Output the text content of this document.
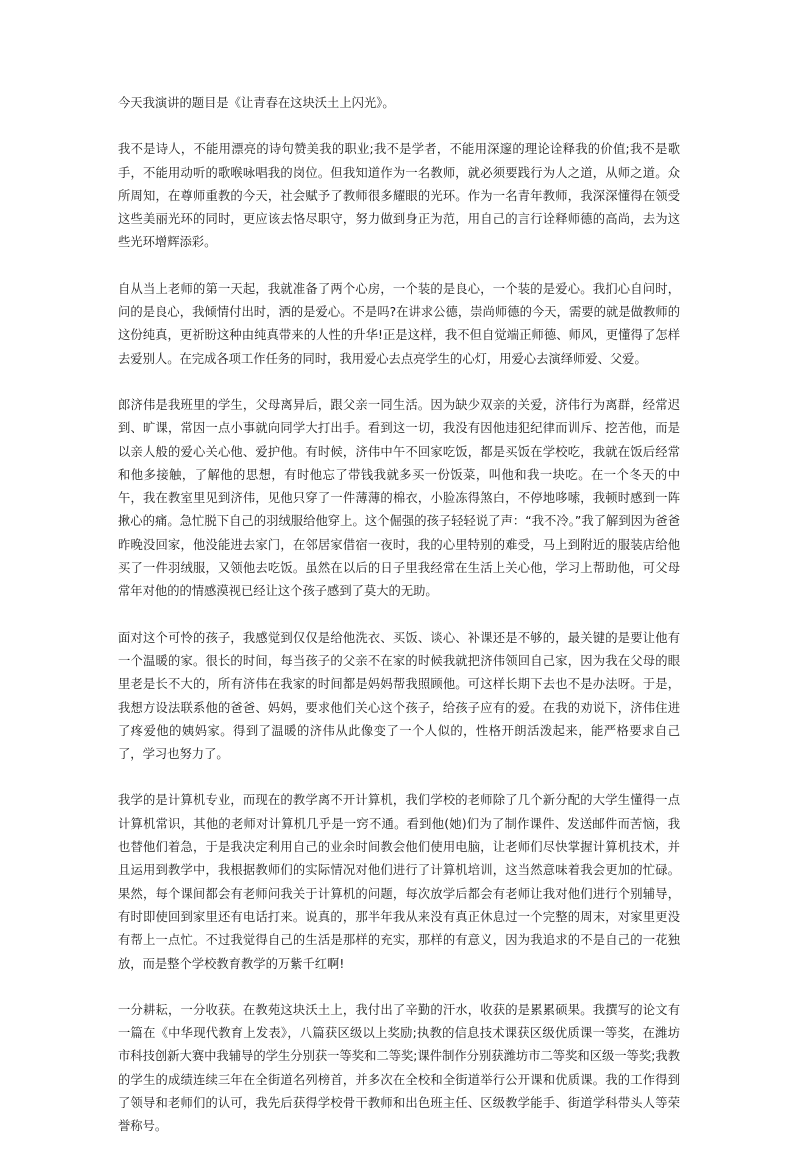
今天我演讲的题目是《让青春在这块沃土上闪光》。

我不是诗人，不能用漂亮的诗句赞美我的职业;我不是学者，不能用深邃的理论诠释我的价值;我不是歌手，不能用动听的歌喉咏唱我的岗位。但我知道作为一名教师，就必须要践行为人之道，从师之道。众所周知，在尊师重教的今天，社会赋予了教师很多耀眼的光环。作为一名青年教师，我深深懂得在领受这些美丽光环的同时，更应该去恪尽职守，努力做到身正为范，用自己的言行诠释师德的高尚，去为这些光环增辉添彩。

自从当上老师的第一天起，我就准备了两个心房，一个装的是良心，一个装的是爱心。我扪心自问时，问的是良心，我倾情付出时，洒的是爱心。不是吗?在讲求公德，崇尚师德的今天，需要的就是做教师的这份纯真，更祈盼这种由纯真带来的人性的升华!正是这样，我不但自觉端正师德、师风，更懂得了怎样去爱别人。在完成各项工作任务的同时，我用爱心去点亮学生的心灯，用爱心去演绎师爱、父爱。

郎济伟是我班里的学生，父母离异后，跟父亲一同生活。因为缺少双亲的关爱，济伟行为离群，经常迟到、旷课，常因一点小事就向同学大打出手。看到这一切，我没有因他违犯纪律而训斥、挖苦他，而是以亲人般的爱心关心他、爱护他。有时候，济伟中午不回家吃饭，都是买饭在学校吃，我就在饭后经常和他多接触，了解他的思想，有时他忘了带钱我就多买一份饭菜，叫他和我一块吃。在一个冬天的中午，我在教室里见到济伟，见他只穿了一件薄薄的棉衣，小脸冻得煞白，不停地哆嗦，我顿时感到一阵揪心的痛。急忙脱下自己的羽绒服给他穿上。这个倔强的孩子轻轻说了声：“我不冷。”我了解到因为爸爸昨晚没回家，他没能进去家门，在邻居家借宿一夜时，我的心里特别的难受，马上到附近的服装店给他买了一件羽绒服，又领他去吃饭。虽然在以后的日子里我经常在生活上关心他，学习上帮助他，可父母常年对他的的情感漠视已经让这个孩子感到了莫大的无助。

面对这个可怜的孩子，我感觉到仅仅是给他洗衣、买饭、谈心、补课还是不够的，最关键的是要让他有一个温暖的家。很长的时间，每当孩子的父亲不在家的时候我就把济伟领回自己家，因为我在父母的眼里老是长不大的，所有济伟在我家的时间都是妈妈帮我照顾他。可这样长期下去也不是办法呀。于是，我想方设法联系他的爸爸、妈妈，要求他们关心这个孩子，给孩子应有的爱。在我的劝说下，济伟住进了疼爱他的姨妈家。得到了温暖的济伟从此像变了一个人似的，性格开朗活泼起来，能严格要求自己了，学习也努力了。

我学的是计算机专业，而现在的教学离不开计算机，我们学校的老师除了几个新分配的大学生懂得一点计算机常识，其他的老师对计算机几乎是一窍不通。看到他(她)们为了制作课件、发送邮件而苦恼，我也替他们着急，于是我决定利用自己的业余时间教会他们使用电脑，让老师们尽快掌握计算机技术，并且运用到教学中，我根据教师们的实际情况对他们进行了计算机培训，这当然意味着我会更加的忙碌。果然，每个课间都会有老师问我关于计算机的问题，每次放学后都会有老师让我对他们进行个别辅导，有时即使回到家里还有电话打来。说真的，那半年我从来没有真正休息过一个完整的周末，对家里更没有帮上一点忙。不过我觉得自己的生活是那样的充实，那样的有意义，因为我追求的不是自己的一花独放，而是整个学校教育教学的万紫千红啊!

一分耕耘，一分收获。在教苑这块沃土上，我付出了辛勤的汗水，收获的是累累硕果。我撰写的论文有一篇在《中华现代教育上发表》，八篇获区级以上奖励;执教的信息技术课获区级优质课一等奖，在潍坊市科技创新大赛中我辅导的学生分别获一等奖和二等奖;课件制作分别获潍坊市二等奖和区级一等奖;我教的学生的成绩连续三年在全街道名列榜首，并多次在全校和全街道举行公开课和优质课。我的工作得到了领导和老师们的认可，我先后获得学校骨干教师和出色班主任、区级教学能手、街道学科带头人等荣誉称号。
